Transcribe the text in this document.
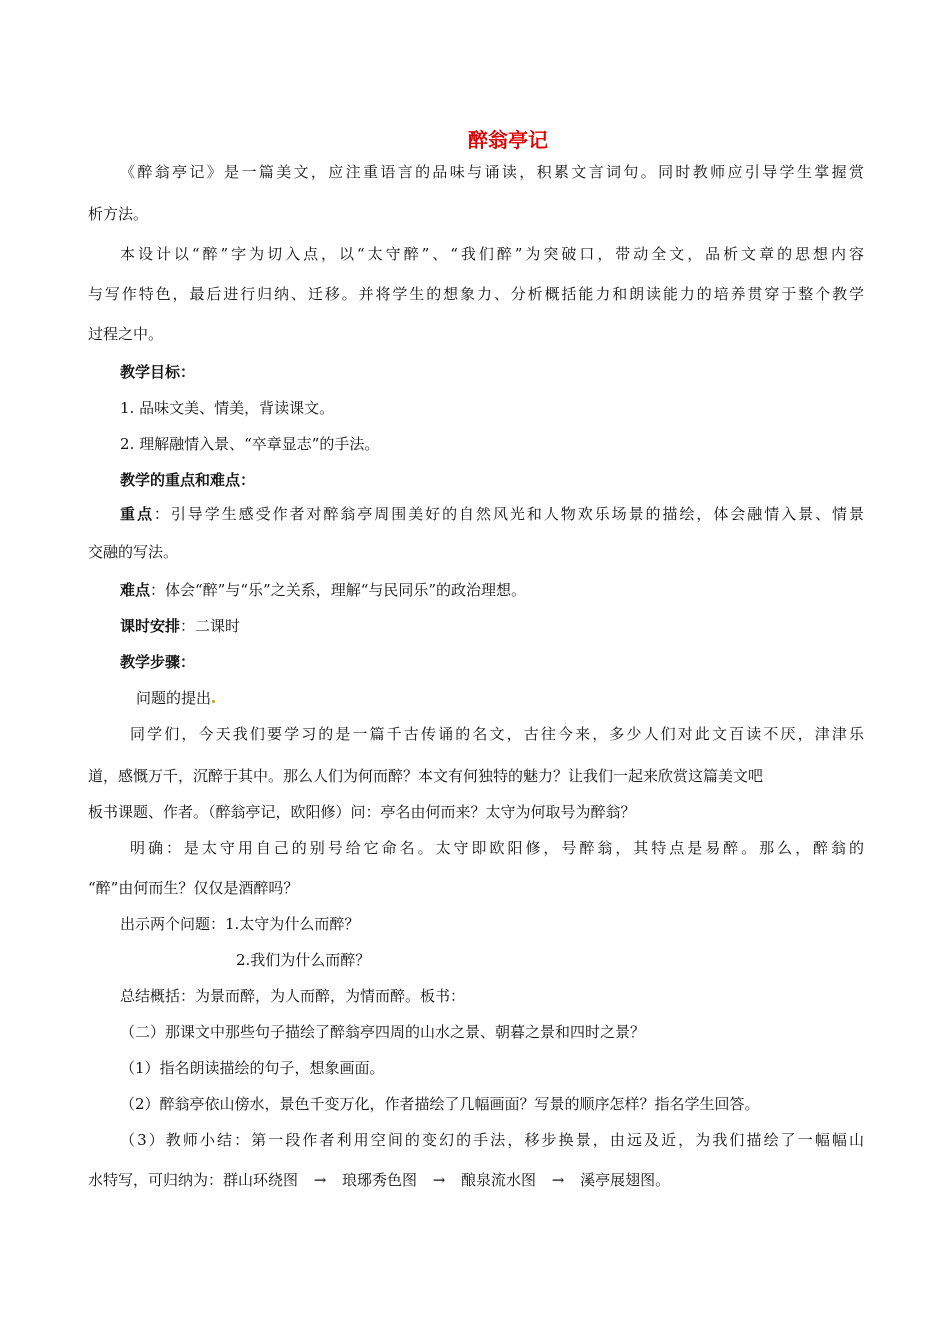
醉翁亭记
《醉翁亭记》是一篇美文，应注重语言的品味与诵读，积累文言词句。同时教师应引导学生掌握赏
析方法。
本设计以“醉”字为切入点，以“太守醉”、“我们醉”为突破口，带动全文，品析文章的思想内容
与写作特色，最后进行归纳、迁移。并将学生的想象力、分析概括能力和朗读能力的培养贯穿于整个教学
过程之中。
教学目标：
1. 品味文美、情美，背读课文。
2. 理解融情入景、“卒章显志”的手法。
教学的重点和难点：
重点：引导学生感受作者对醉翁亭周围美好的自然风光和人物欢乐场景的描绘，体会融情入景、情景
交融的写法。
难点：体会“醉”与“乐”之关系，理解“与民同乐”的政治理想。
课时安排：二课时
教学步骤：
问题的提出
同学们，今天我们要学习的是一篇千古传诵的名文，古往今来，多少人们对此文百读不厌，津津乐
道，感慨万千，沉醉于其中。那么人们为何而醉？本文有何独特的魅力？让我们一起来欣赏这篇美文吧
板书课题、作者。（醉翁亭记，欧阳修）问：亭名由何而来？太守为何取号为醉翁？
明确：是太守用自己的别号给它命名。太守即欧阳修，号醉翁，其特点是易醉。那么，醉翁的
“醉”由何而生？仅仅是酒醉吗？
出示两个问题：1.太守为什么而醉？
2.我们为什么而醉？
总结概括：为景而醉，为人而醉，为情而醉。板书：
（二）那课文中那些句子描绘了醉翁亭四周的山水之景、朝暮之景和四时之景？
（1）指名朗读描绘的句子，想象画面。
（2）醉翁亭依山傍水，景色千变万化，作者描绘了几幅画面？写景的顺序怎样？指名学生回答。
（3）教师小结：第一段作者利用空间的变幻的手法，移步换景，由远及近，为我们描绘了一幅幅山
水特写，可归纳为：群山环绕图 → 琅琊秀色图 → 酿泉流水图 → 溪亭展翅图。
